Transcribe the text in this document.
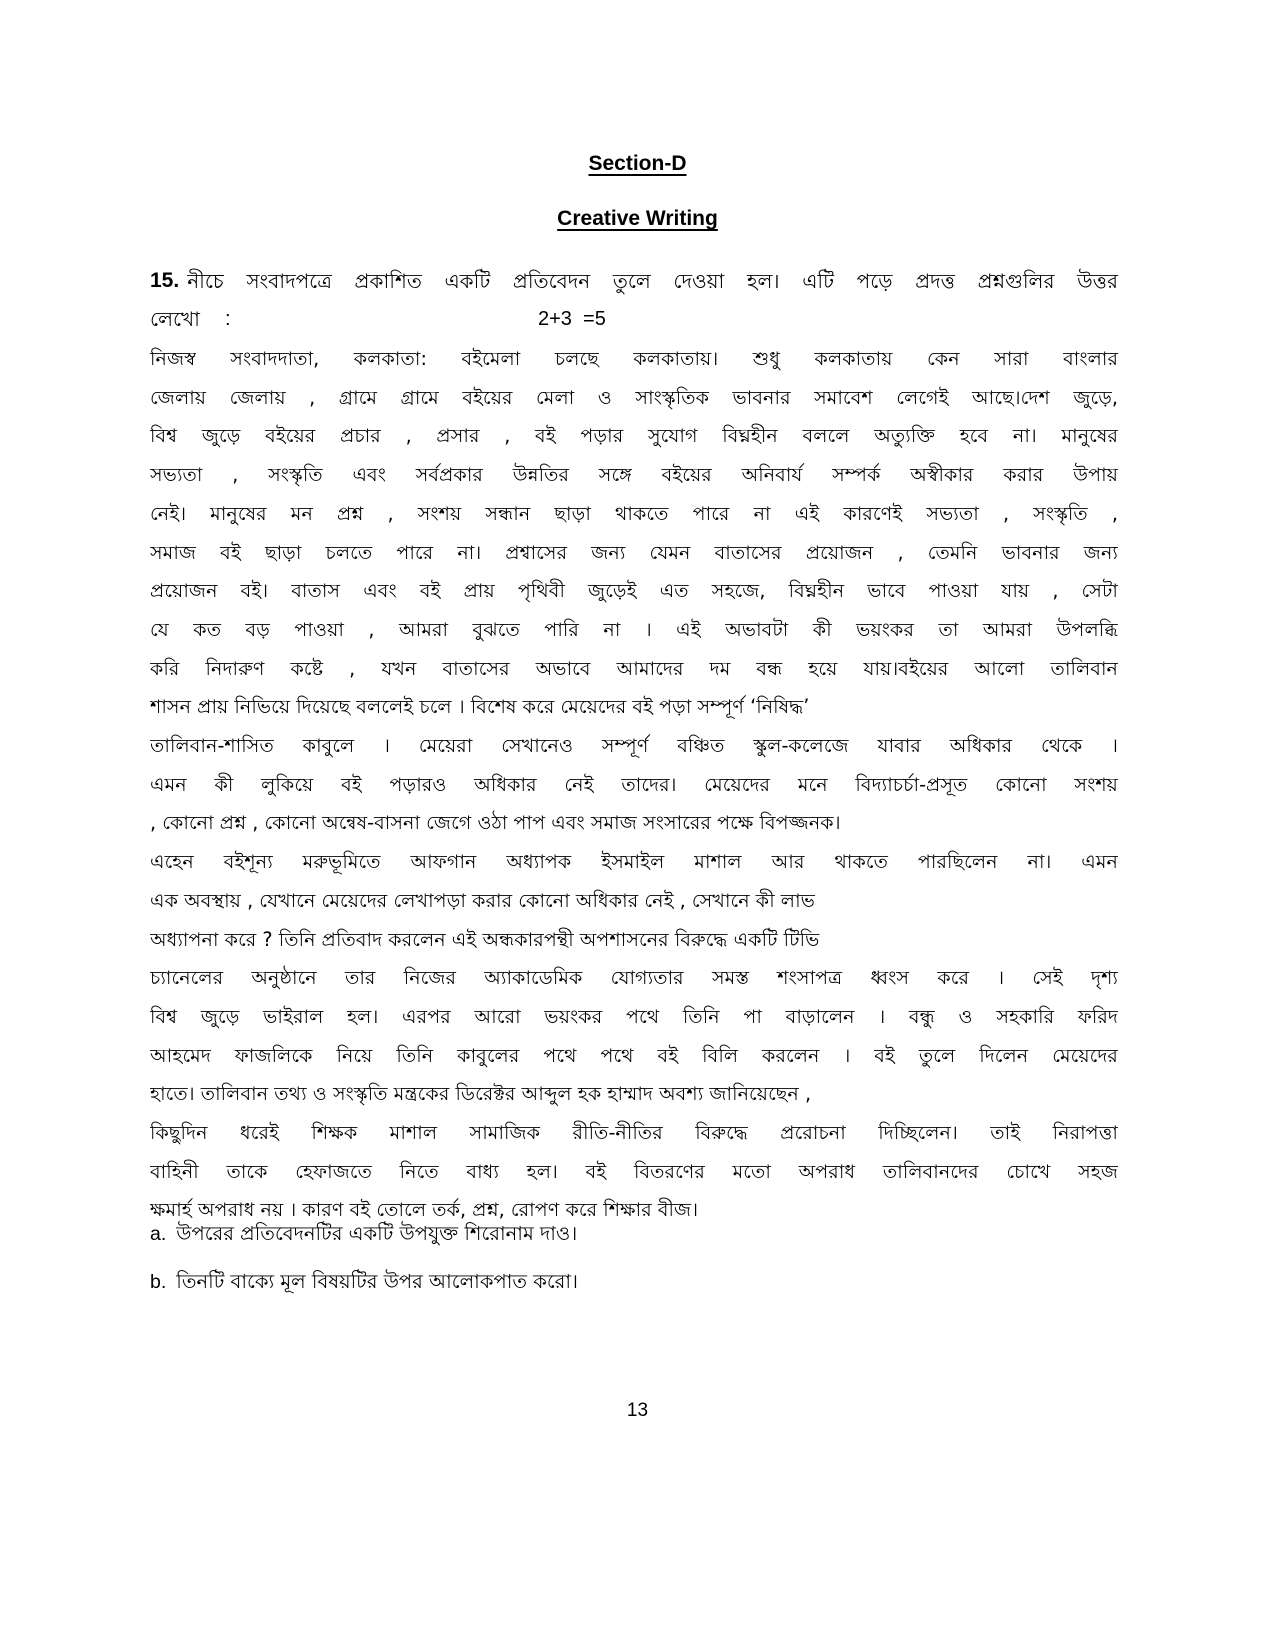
Section-D
Creative Writing
15. নীচে সংবাদপত্রে প্রকাশিত একটি প্রতিবেদন তুলে দেওয়া হল। এটি পড়ে প্রদত্ত প্রশ্নগুলির উত্তর
লেখো :	2+3  =5
নিজস্ব সংবাদদাতা, কলকাতা: বইমেলা চলছে কলকাতায়। শুধু কলকাতায় কেন সারা বাংলার
জেলায় জেলায় , গ্রামে গ্রামে বইয়ের মেলা ও সাংস্কৃতিক ভাবনার সমাবেশ লেগেই আছে।দেশ জুড়ে,
বিশ্ব জুড়ে বইয়ের প্রচার , প্রসার , বই পড়ার সুযোগ বিঘ্নহীন বললে অত্যুক্তি হবে না। মানুষের
সভ্যতা , সংস্কৃতি এবং সর্বপ্রকার উন্নতির সঙ্গে বইয়ের অনিবার্য সম্পর্ক অস্বীকার করার উপায়
নেই। মানুষের মন প্রশ্ন , সংশয় সন্ধান ছাড়া থাকতে পারে না এই কারণেই সভ্যতা , সংস্কৃতি ,
সমাজ বই ছাড়া চলতে পারে না। প্রশ্বাসের জন্য যেমন বাতাসের প্রয়োজন , তেমনি ভাবনার জন্য
প্রয়োজন বই। বাতাস এবং বই প্রায় পৃথিবী জুড়েই এত সহজে, বিঘ্নহীন ভাবে পাওয়া যায় , সেটা
যে কত বড় পাওয়া , আমরা বুঝতে পারি না । এই অভাবটা কী ভয়ংকর তা আমরা উপলব্ধি
করি নিদারুণ কষ্টে , যখন বাতাসের অভাবে আমাদের দম বন্ধ হয়ে যায়।বইয়ের আলো তালিবান
শাসন প্রায় নিভিয়ে দিয়েছে বললেই চলে । বিশেষ করে মেয়েদের বই পড়া সম্পূর্ণ ‘নিষিদ্ধ’
তালিবান-শাসিত কাবুলে । মেয়েরা সেখানেও সম্পূর্ণ বঞ্চিত স্কুল-কলেজে যাবার অধিকার থেকে ।
এমন কী লুকিয়ে বই পড়ারও অধিকার নেই তাদের। মেয়েদের মনে বিদ্যাচর্চা-প্রসূত কোনো সংশয়
, কোনো প্রশ্ন , কোনো অন্বেষ-বাসনা জেগে ওঠা পাপ এবং সমাজ সংসারের পক্ষে বিপজ্জনক।
এহেন বইশূন্য মরুভূমিতে আফগান অধ্যাপক ইসমাইল মাশাল আর থাকতে পারছিলেন না। এমন
এক অবস্থায় , যেখানে মেয়েদের লেখাপড়া করার কোনো অধিকার নেই , সেখানে কী লাভ
অধ্যাপনা করে ? তিনি প্রতিবাদ করলেন এই অন্ধকারপন্থী অপশাসনের বিরুদ্ধে একটি টিভি
চ্যানেলের অনুষ্ঠানে তার নিজের অ্যাকাডেমিক যোগ্যতার সমস্ত শংসাপত্র ধ্বংস করে । সেই দৃশ্য
বিশ্ব জুড়ে ভাইরাল হল। এরপর আরো ভয়ংকর পথে তিনি পা বাড়ালেন । বন্ধু ও সহকারি ফরিদ
আহমেদ ফাজলিকে নিয়ে তিনি কাবুলের পথে পথে বই বিলি করলেন । বই তুলে দিলেন মেয়েদের
হাতে। তালিবান তথ্য ও সংস্কৃতি মন্ত্রকের ডিরেক্টর আব্দুল হক হাম্মাদ অবশ্য জানিয়েছেন ,
কিছুদিন ধরেই শিক্ষক মাশাল সামাজিক রীতি-নীতির বিরুদ্ধে প্ররোচনা দিচ্ছিলেন। তাই নিরাপত্তা
বাহিনী তাকে হেফাজতে নিতে বাধ্য হল। বই বিতরণের মতো অপরাধ তালিবানদের চোখে সহজ
ক্ষমার্হ অপরাধ নয় । কারণ বই তোলে তর্ক, প্রশ্ন, রোপণ করে শিক্ষার বীজ।
a. উপরের প্রতিবেদনটির একটি উপযুক্ত শিরোনাম দাও।
b. তিনটি বাক্যে মূল বিষয়টির উপর আলোকপাত করো।
13
